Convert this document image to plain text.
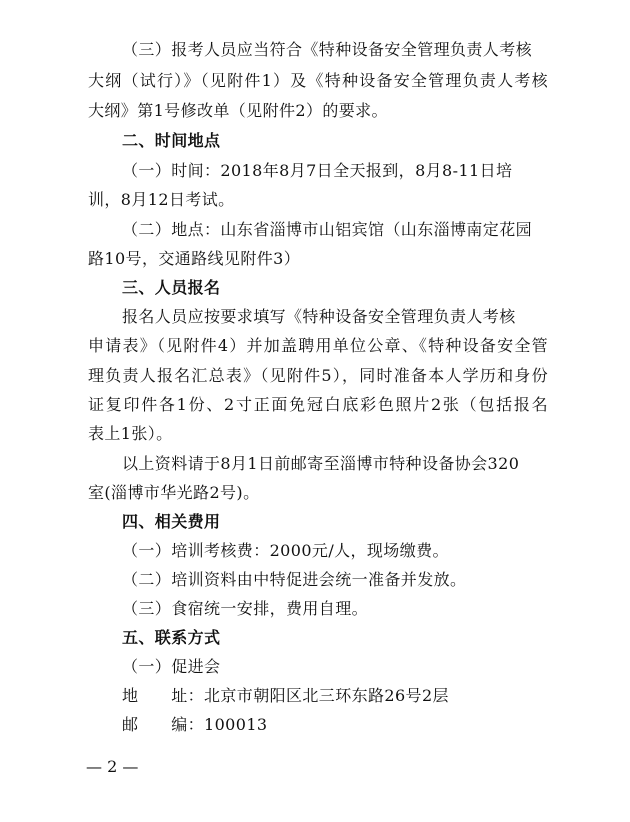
（三）报考人员应当符合《特种设备安全管理负责人考核
大纲（试行）》（见附件1）及《特种设备安全管理负责人考核
大纲》第1号修改单（见附件2）的要求。
二、时间地点
（一）时间：2018年8月7日全天报到，8月8-11日培
训，8月12日考试。
（二）地点：山东省淄博市山铝宾馆（山东淄博南定花园
路10号，交通路线见附件3）
三、人员报名
报名人员应按要求填写《特种设备安全管理负责人考核
申请表》（见附件4）并加盖聘用单位公章、《特种设备安全管
理负责人报名汇总表》（见附件5），同时准备本人学历和身份
证复印件各1份、2寸正面免冠白底彩色照片2张（包括报名
表上1张）。
以上资料请于8月1日前邮寄至淄博市特种设备协会320
室(淄博市华光路2号)。
四、相关费用
（一）培训考核费：2000元/人，现场缴费。
（二）培训资料由中特促进会统一准备并发放。
（三）食宿统一安排，费用自理。
五、联系方式
（一）促进会
地　　址：北京市朝阳区北三环东路26号2层
邮　　编：100013
— 2 —
